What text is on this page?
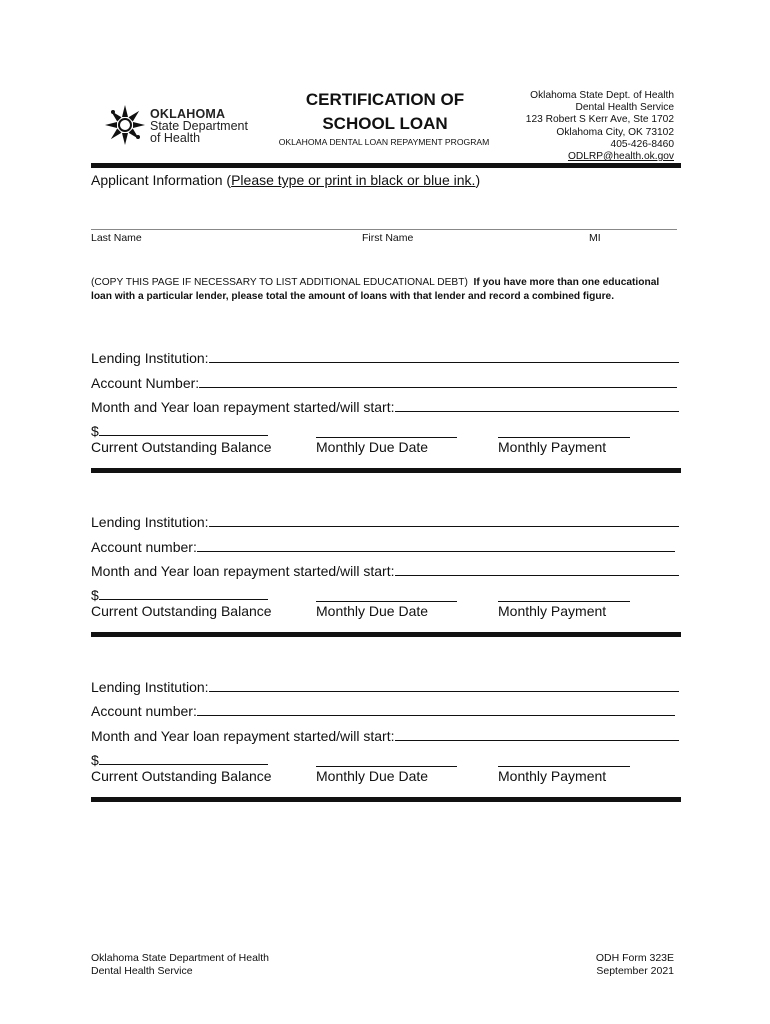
OKLAHOMA
State Department
of Health
CERTIFICATION OF
SCHOOL LOAN
OKLAHOMA DENTAL LOAN REPAYMENT PROGRAM
Oklahoma State Dept. of Health
Dental Health Service
123 Robert S Kerr Ave, Ste 1702
Oklahoma City, OK 73102
405-426-8460
ODLRP@health.ok.gov
Applicant Information (Please type or print in black or blue ink.)
Last Name	First Name	MI
(COPY THIS PAGE IF NECESSARY TO LIST ADDITIONAL EDUCATIONAL DEBT) If you have more than one educational loan with a particular lender, please total the amount of loans with that lender and record a combined figure.
Lending Institution:
Account Number:
Month and Year loan repayment started/will start:
$
Current Outstanding Balance	Monthly Due Date	Monthly Payment
Lending Institution:
Account number:
Month and Year loan repayment started/will start:
$
Current Outstanding Balance	Monthly Due Date	Monthly Payment
Lending Institution:
Account number:
Month and Year loan repayment started/will start:
$
Current Outstanding Balance	Monthly Due Date	Monthly Payment
Oklahoma State Department of Health
Dental Health Service
ODH Form 323E
September 2021
